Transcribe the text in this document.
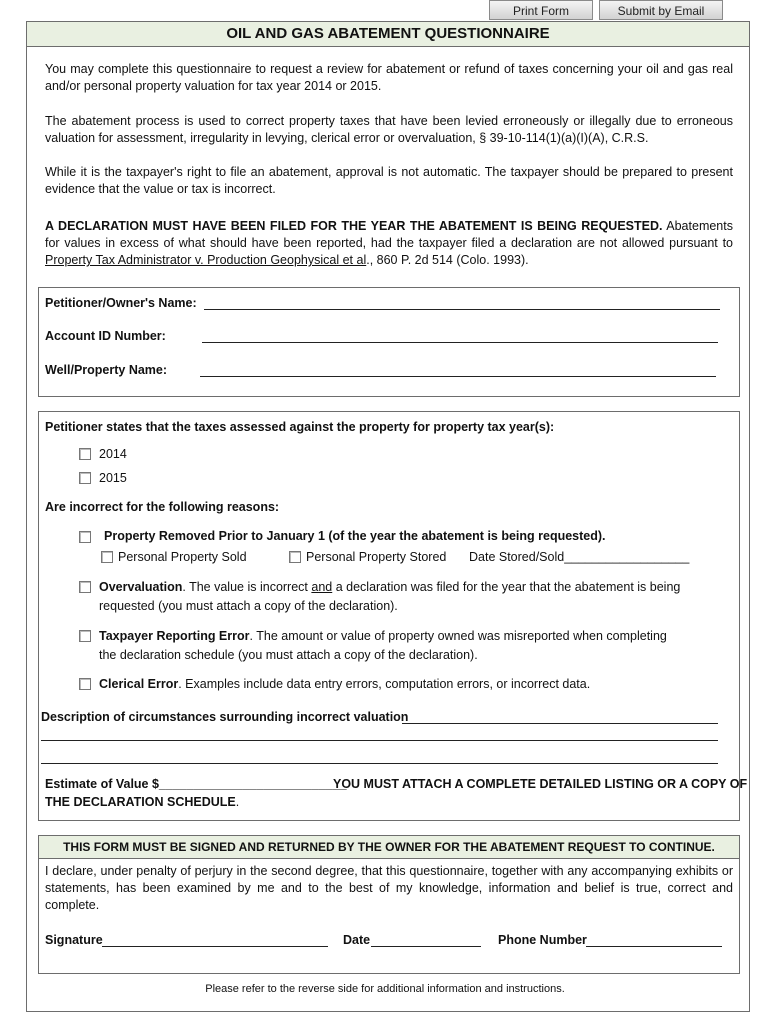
Print Form	Submit by Email
OIL AND GAS ABATEMENT QUESTIONNAIRE

You may complete this questionnaire to request a review for abatement or refund of taxes concerning your oil and gas real and/or personal property valuation for tax year 2014 or 2015.

The abatement process is used to correct property taxes that have been levied erroneously or illegally due to erroneous valuation for assessment, irregularity in levying, clerical error or overvaluation, § 39-10-114(1)(a)(I)(A), C.R.S.

While it is the taxpayer's right to file an abatement, approval is not automatic. The taxpayer should be prepared to present evidence that the value or tax is incorrect.

A DECLARATION MUST HAVE BEEN FILED FOR THE YEAR THE ABATEMENT IS BEING REQUESTED. Abatements for values in excess of what should have been reported, had the taxpayer filed a declaration are not allowed pursuant to Property Tax Administrator v. Production Geophysical et al., 860 P. 2d 514 (Colo. 1993).

Petitioner/Owner's Name:
Account ID Number:
Well/Property Name:
Petitioner states that the taxes assessed against the property for property tax year(s):
2014
2015
Are incorrect for the following reasons:
Property Removed Prior to January 1 (of the year the abatement is being requested).
Personal Property Sold	Personal Property Stored Date Stored/Sold__________________
Overvaluation. The value is incorrect and a declaration was filed for the year that the abatement is being
requested (you must attach a copy of the declaration).
Taxpayer Reporting Error. The amount or value of property owned was misreported when completing
the declaration schedule (you must attach a copy of the declaration).
Clerical Error. Examples include data entry errors, computation errors, or incorrect data.
Description of circumstances surrounding incorrect valuation
Estimate of Value $___________________________
YOU MUST ATTACH A COMPLETE DETAILED LISTING OR A COPY OF
THE DECLARATION SCHEDULE.
THIS FORM MUST BE SIGNED AND RETURNED BY THE OWNER FOR THE ABATEMENT REQUEST TO CONTINUE.

I declare, under penalty of perjury in the second degree, that this questionnaire, together with any accompanying exhibits or statements, has been examined by me and to the best of my knowledge, information and belief is true, correct and complete.

Signature	Date	Phone Number
Please refer to the reverse side for additional information and instructions.
